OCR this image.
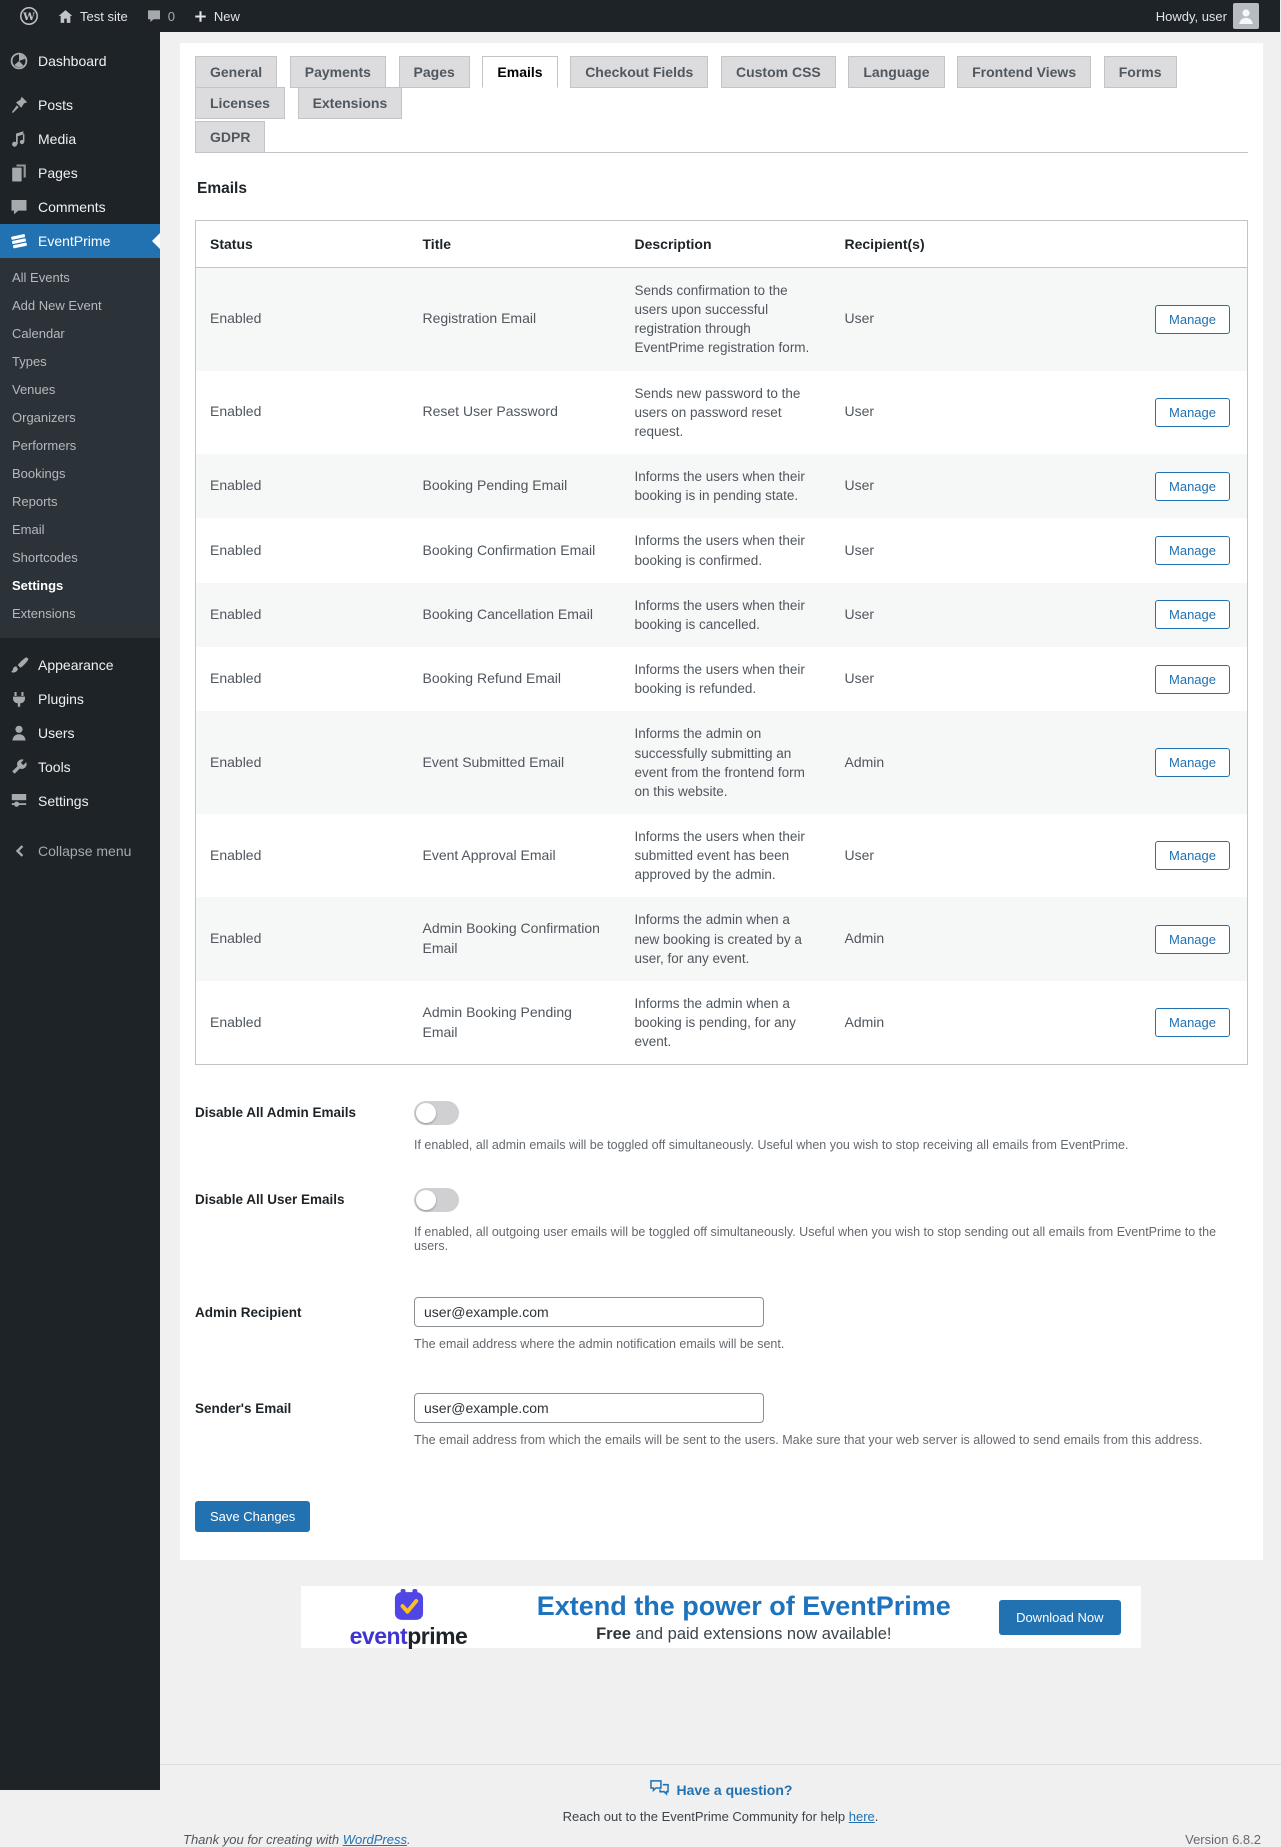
W	Test site	0	New	Howdy, user
Dashboard
Posts
Media
Pages
Comments
EventPrime
All Events
Add New Event
Calendar
Types
Venues
Organizers
Performers
Bookings
Reports
Email
Shortcodes
Settings
Extensions
Appearance
Plugins
Users
Tools
Settings
Collapse menu
General	Payments	Pages	Emails	Checkout Fields	Custom CSS	Language	Frontend Views	Forms Licenses	Extensions
GDPR
Emails
Status	Title	Description	Recipient(s)	
Enabled	Registration Email	Sends confirmation to the users upon successful registration through EventPrime registration form.	User	Manage
Enabled	Reset User Password	Sends new password to the users on password reset request.	User	Manage
Enabled	Booking Pending Email	Informs the users when their booking is in pending state.	User	Manage
Enabled	Booking Confirmation Email	Informs the users when their booking is confirmed.	User	Manage
Enabled	Booking Cancellation Email	Informs the users when their booking is cancelled.	User	Manage
Enabled	Booking Refund Email	Informs the users when their booking is refunded.	User	Manage
Enabled	Event Submitted Email	Informs the admin on successfully submitting an event from the frontend form on this website.	Admin	Manage
Enabled	Event Approval Email	Informs the users when their submitted event has been approved by the admin.	User	Manage
Enabled	Admin Booking Confirmation Email	Informs the admin when a new booking is created by a user, for any event.	Admin	Manage
Enabled	Admin Booking Pending Email	Informs the admin when a booking is pending, for any event.	Admin	Manage
Disable All Admin Emails
If enabled, all admin emails will be toggled off simultaneously. Useful when you wish to stop receiving all emails from EventPrime.
Disable All User Emails
If enabled, all outgoing user emails will be toggled off simultaneously. Useful when you wish to stop sending out all emails from EventPrime to the users.
Admin Recipient
user@example.com
The email address where the admin notification emails will be sent.
Sender's Email
user@example.com
The email address from which the emails will be sent to the users. Make sure that your web server is allowed to send emails from this address.
Save Changes
eventprime
Extend the power of EventPrime
Free and paid extensions now available!
Download Now
Have a question?
Reach out to the EventPrime Community for help here.
Thank you for creating with WordPress.	Version 6.8.2
